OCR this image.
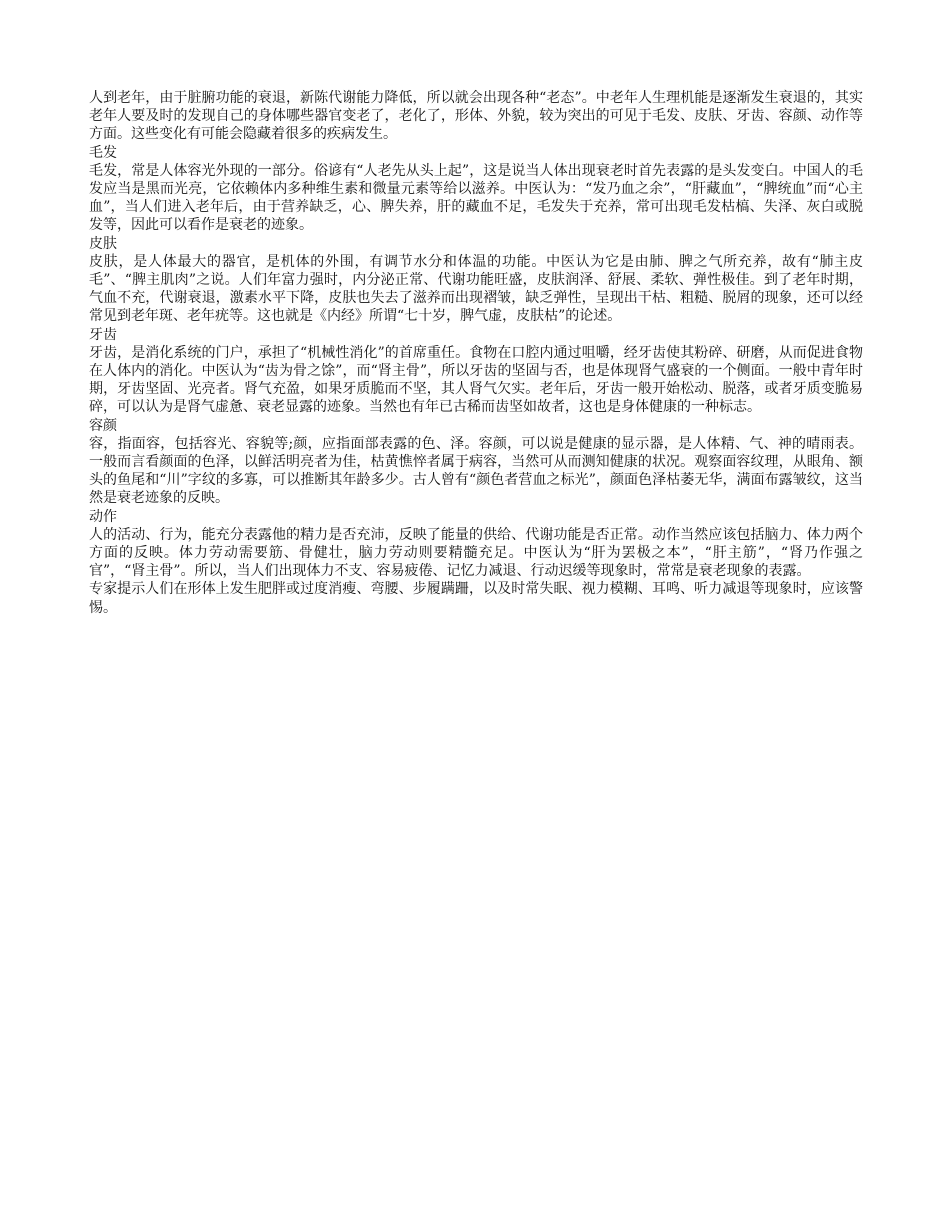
人到老年，由于脏腑功能的衰退，新陈代谢能力降低，所以就会出现各种“老态”。中老年人生理机能是逐渐发生衰退的，其实老年人要及时的发现自己的身体哪些器官变老了，老化了，形体、外貌，较为突出的可见于毛发、皮肤、牙齿、容颜、动作等方面。这些变化有可能会隐藏着很多的疾病发生。

毛发

毛发，常是人体容光外现的一部分。俗谚有“人老先从头上起”，这是说当人体出现衰老时首先表露的是头发变白。中国人的毛发应当是黑而光亮，它依赖体内多种维生素和微量元素等给以滋养。中医认为：“发乃血之余”，“肝藏血”，“脾统血”而“心主血”，当人们进入老年后，由于营养缺乏，心、脾失养，肝的藏血不足，毛发失于充养，常可出现毛发枯槁、失泽、灰白或脱发等，因此可以看作是衰老的迹象。

皮肤

皮肤，是人体最大的器官，是机体的外围，有调节水分和体温的功能。中医认为它是由肺、脾之气所充养，故有“肺主皮毛”、“脾主肌肉”之说。人们年富力强时，内分泌正常、代谢功能旺盛，皮肤润泽、舒展、柔软、弹性极佳。到了老年时期，气血不充，代谢衰退，激素水平下降，皮肤也失去了滋养而出现褶皱，缺乏弹性，呈现出干枯、粗糙、脱屑的现象，还可以经常见到老年斑、老年疣等。这也就是《内经》所谓“七十岁，脾气虚，皮肤枯”的论述。

牙齿

牙齿，是消化系统的门户，承担了“机械性消化”的首席重任。食物在口腔内通过咀嚼，经牙齿使其粉碎、研磨，从而促进食物在人体内的消化。中医认为“齿为骨之馀”，而“肾主骨”，所以牙齿的坚固与否，也是体现肾气盛衰的一个侧面。一般中青年时期，牙齿坚固、光亮者。肾气充盈，如果牙质脆而不坚，其人肾气欠实。老年后，牙齿一般开始松动、脱落，或者牙质变脆易碎，可以认为是肾气虚惫、衰老显露的迹象。当然也有年已古稀而齿坚如故者，这也是身体健康的一种标志。

容颜

容，指面容，包括容光、容貌等;颜，应指面部表露的色、泽。容颜，可以说是健康的显示器，是人体精、气、神的晴雨表。一般而言看颜面的色泽，以鲜活明亮者为佳，枯黄憔悴者属于病容，当然可从而测知健康的状况。观察面容纹理，从眼角、额头的鱼尾和“川”字纹的多寡，可以推断其年龄多少。古人曾有“颜色者营血之标光”，颜面色泽枯萎无华，满面布露皱纹，这当然是衰老迹象的反映。

动作

人的活动、行为，能充分表露他的精力是否充沛，反映了能量的供给、代谢功能是否正常。动作当然应该包括脑力、体力两个方面的反映。体力劳动需要筋、骨健壮，脑力劳动则要精髓充足。中医认为“肝为罢极之本”，“肝主筋”，“肾乃作强之官”，“肾主骨”。所以，当人们出现体力不支、容易疲倦、记忆力减退、行动迟缓等现象时，常常是衰老现象的表露。

专家提示人们在形体上发生肥胖或过度消瘦、弯腰、步履蹒跚，以及时常失眠、视力模糊、耳鸣、听力减退等现象时，应该警惕。
